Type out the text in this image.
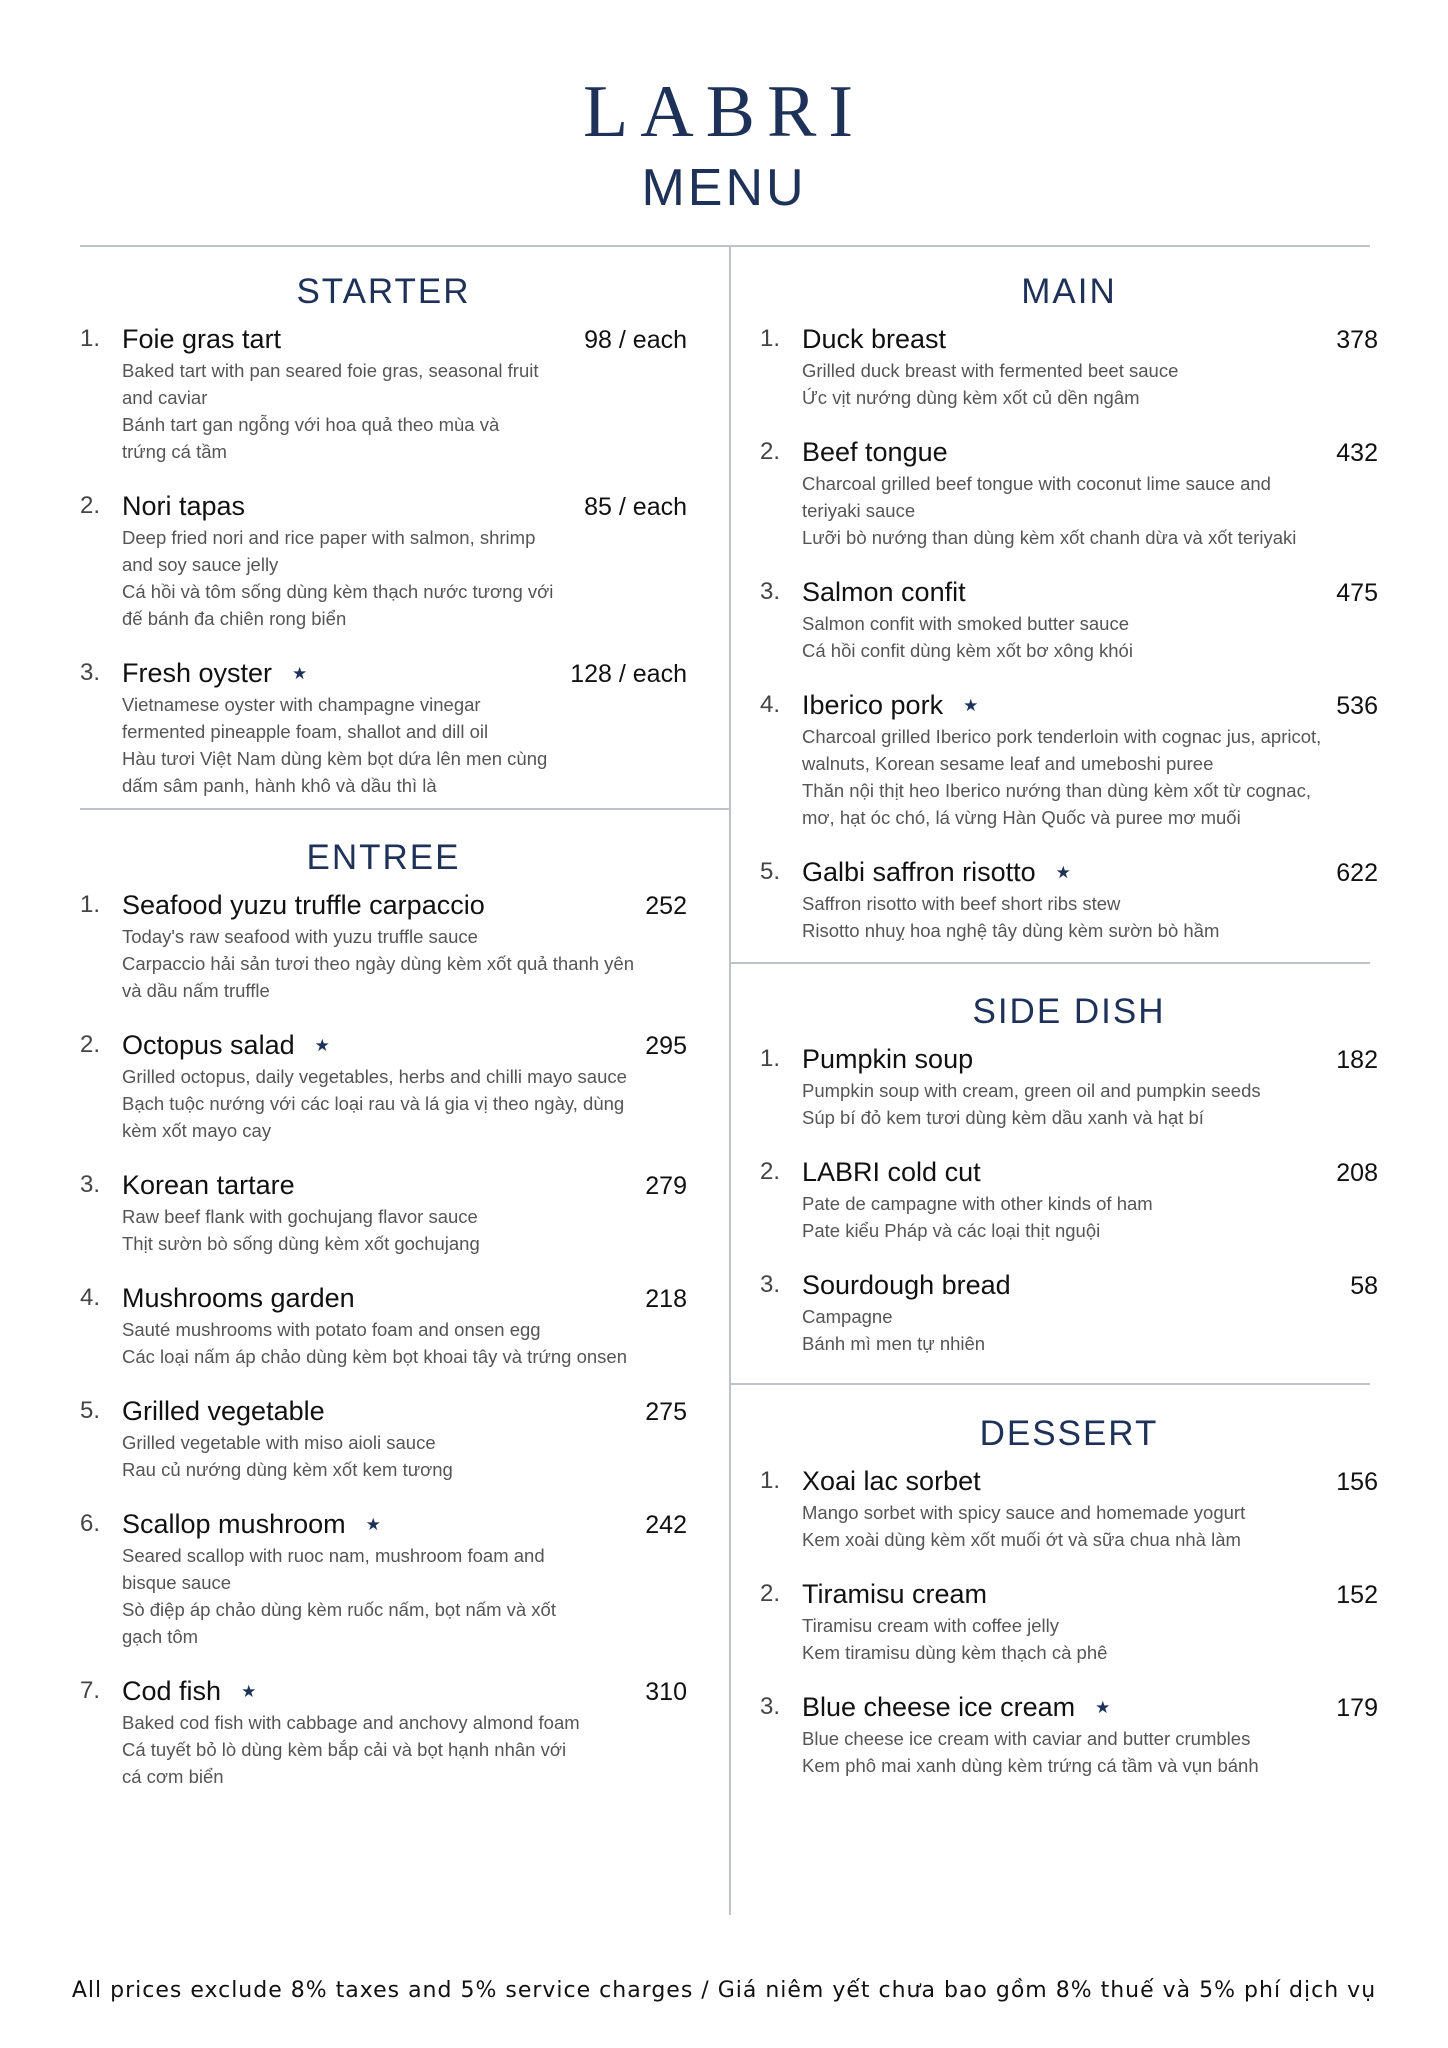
LABRI
MENU
STARTER
1. Foie gras tart	98 / each
Baked tart with pan seared foie gras, seasonal fruit
and caviar
Bánh tart gan ngỗng với hoa quả theo mùa và
trứng cá tầm
2. Nori tapas	85 / each
Deep fried nori and rice paper with salmon, shrimp
and soy sauce jelly
Cá hồi và tôm sống dùng kèm thạch nước tương với
đế bánh đa chiên rong biển
3. Fresh oyster ★	128 / each
Vietnamese oyster with champagne vinegar
fermented pineapple foam, shallot and dill oil
Hàu tươi Việt Nam dùng kèm bọt dứa lên men cùng
dấm sâm panh, hành khô và dầu thì là
ENTREE
1. Seafood yuzu truffle carpaccio	252
Today's raw seafood with yuzu truffle sauce
Carpaccio hải sản tươi theo ngày dùng kèm xốt quả thanh yên
và dầu nấm truffle
2. Octopus salad ★	295
Grilled octopus, daily vegetables, herbs and chilli mayo sauce
Bạch tuộc nướng với các loại rau và lá gia vị theo ngày, dùng
kèm xốt mayo cay
3. Korean tartare	279
Raw beef flank with gochujang flavor sauce
Thịt sườn bò sống dùng kèm xốt gochujang
4. Mushrooms garden	218
Sauté mushrooms with potato foam and onsen egg
Các loại nấm áp chảo dùng kèm bọt khoai tây và trứng onsen
5. Grilled vegetable	275
Grilled vegetable with miso aioli sauce
Rau củ nướng dùng kèm xốt kem tương
6. Scallop mushroom ★	242
Seared scallop with ruoc nam, mushroom foam and
bisque sauce
Sò điệp áp chảo dùng kèm ruốc nấm, bọt nấm và xốt
gạch tôm
7. Cod fish ★	310
Baked cod fish with cabbage and anchovy almond foam
Cá tuyết bỏ lò dùng kèm bắp cải và bọt hạnh nhân với
cá cơm biển
MAIN
1. Duck breast	378
Grilled duck breast with fermented beet sauce
Ức vịt nướng dùng kèm xốt củ dền ngâm
2. Beef tongue	432
Charcoal grilled beef tongue with coconut lime sauce and
teriyaki sauce
Lưỡi bò nướng than dùng kèm xốt chanh dừa và xốt teriyaki
3. Salmon confit	475
Salmon confit with smoked butter sauce
Cá hồi confit dùng kèm xốt bơ xông khói
4. Iberico pork ★	536
Charcoal grilled Iberico pork tenderloin with cognac jus, apricot,
walnuts, Korean sesame leaf and umeboshi puree
Thăn nội thịt heo Iberico nướng than dùng kèm xốt từ cognac,
mơ, hạt óc chó, lá vừng Hàn Quốc và puree mơ muối
5. Galbi saffron risotto ★	622
Saffron risotto with beef short ribs stew
Risotto nhuỵ hoa nghệ tây dùng kèm sườn bò hầm
SIDE DISH
1. Pumpkin soup	182
Pumpkin soup with cream, green oil and pumpkin seeds
Súp bí đỏ kem tươi dùng kèm dầu xanh và hạt bí
2. LABRI cold cut	208
Pate de campagne with other kinds of ham
Pate kiểu Pháp và các loại thịt nguội
3. Sourdough bread	58
Campagne
Bánh mì men tự nhiên
DESSERT
1. Xoai lac sorbet	156
Mango sorbet with spicy sauce and homemade yogurt
Kem xoài dùng kèm xốt muối ớt và sữa chua nhà làm
2. Tiramisu cream	152
Tiramisu cream with coffee jelly
Kem tiramisu dùng kèm thạch cà phê
3. Blue cheese ice cream ★	179
Blue cheese ice cream with caviar and butter crumbles
Kem phô mai xanh dùng kèm trứng cá tầm và vụn bánh
All prices exclude 8% taxes and 5% service charges / Giá niêm yết chưa bao gồm 8% thuế và 5% phí dịch vụ
